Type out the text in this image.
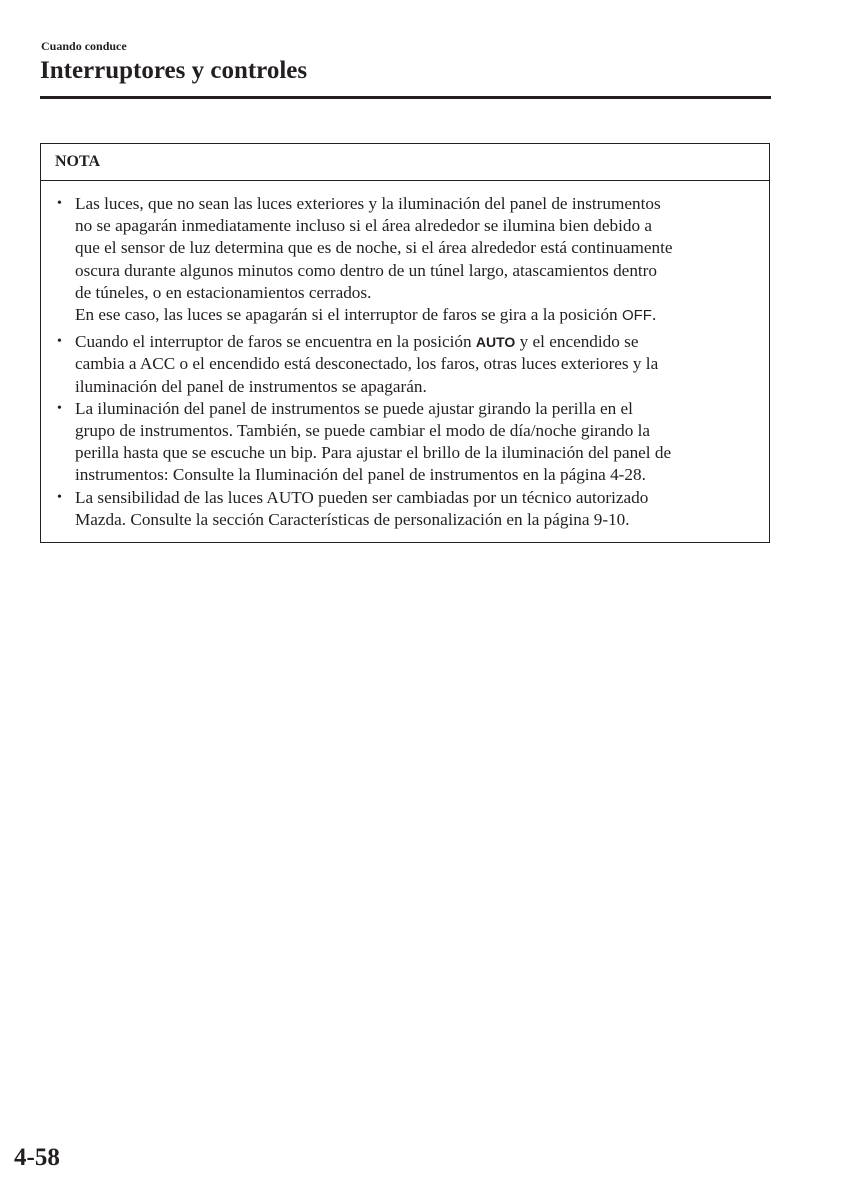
Cuando conduce
Interruptores y controles
NOTA
• Las luces, que no sean las luces exteriores y la iluminación del panel de instrumentos
no se apagarán inmediatamente incluso si el área alrededor se ilumina bien debido a
que el sensor de luz determina que es de noche, si el área alrededor está continuamente
oscura durante algunos minutos como dentro de un túnel largo, atascamientos dentro
de túneles, o en estacionamientos cerrados.
En ese caso, las luces se apagarán si el interruptor de faros se gira a la posición OFF.
• Cuando el interruptor de faros se encuentra en la posición AUTO y el encendido se
cambia a ACC o el encendido está desconectado, los faros, otras luces exteriores y la
iluminación del panel de instrumentos se apagarán.
• La iluminación del panel de instrumentos se puede ajustar girando la perilla en el
grupo de instrumentos. También, se puede cambiar el modo de día/noche girando la
perilla hasta que se escuche un bip. Para ajustar el brillo de la iluminación del panel de
instrumentos: Consulte la Iluminación del panel de instrumentos en la página 4-28.
• La sensibilidad de las luces AUTO pueden ser cambiadas por un técnico autorizado
Mazda. Consulte la sección Características de personalización en la página 9-10.
4-58
